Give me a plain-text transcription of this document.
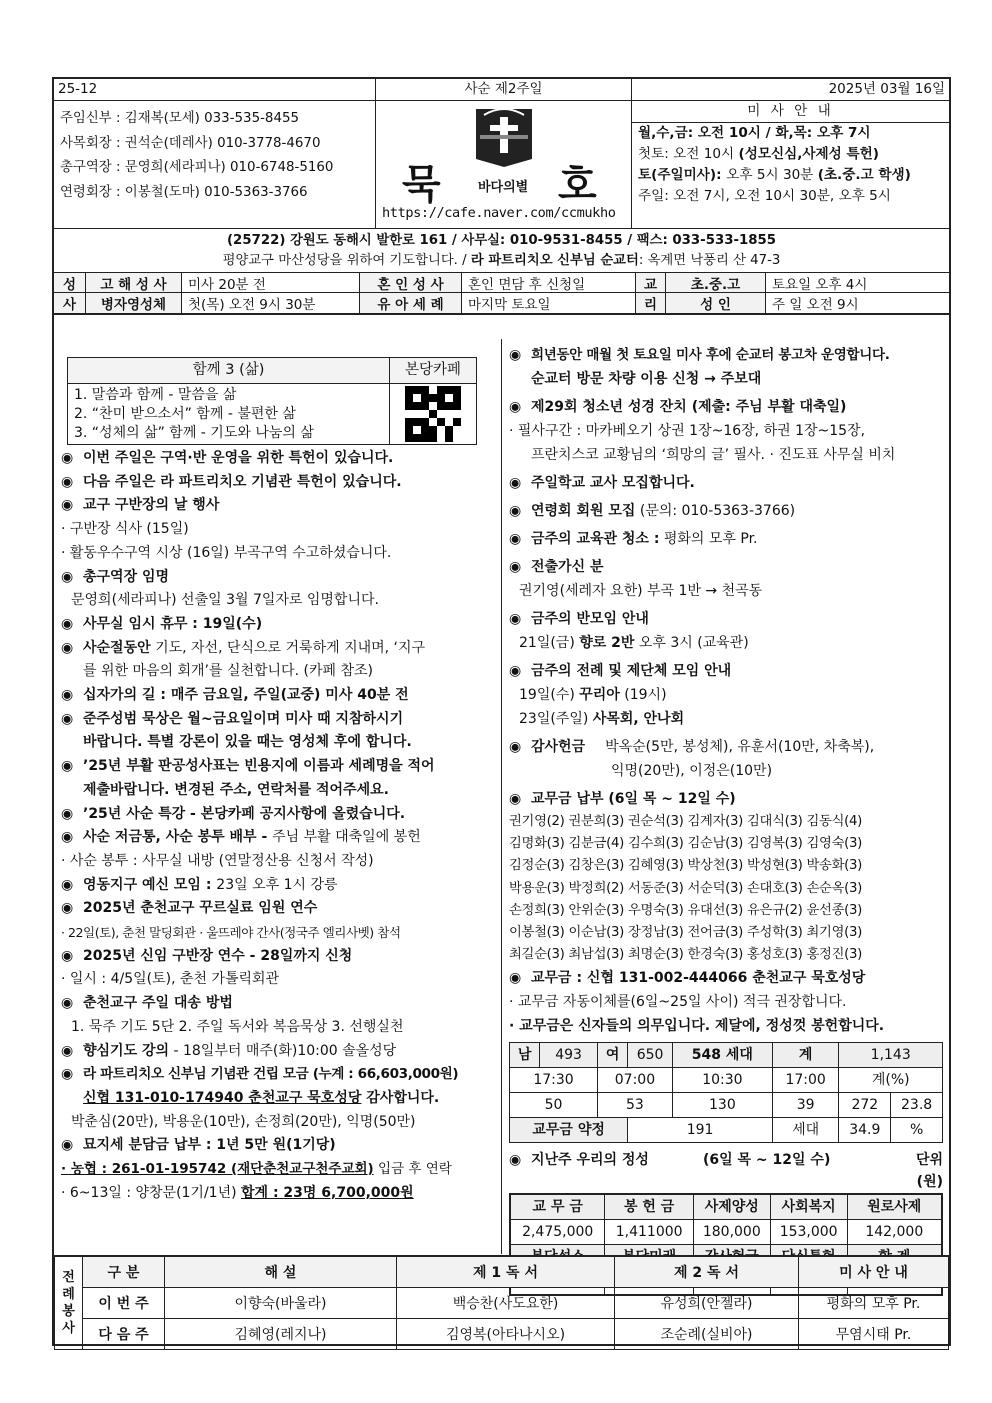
25-12	사순 제2주일	2025년 03월 16일
주임신부 : 김재복(모세) 033-535-8455
사목회장 : 권석순(데레사) 010-3778-4670
총구역장 : 문영희(세라피나) 010-6748-5160
연령회장 : 이봉철(도마) 010-5363-3766	묵	바다의별 호
https://cafe.naver.com/ccmukho
미 사 안 내
월,수,금: 오전 10시 / 화,목: 오후 7시
첫토: 오전 10시 (성모신심,사제성 특헌)
토(주일미사): 오후 5시 30분 (초.중.고 학생)
주일: 오전 7시, 오전 10시 30분, 오후 5시
(25722) 강원도 동해시 발한로 161 / 사무실: 010-9531-8455 / 팩스: 033-533-1855
평양교구 마산성당을 위하여 기도합니다. / 라 파트리치오 신부님 순교터: 옥계면 낙풍리 산 47-3
성	고 해 성 사	미사 20분 전	혼 인 성 사	혼인 면담 후 신청일	교	초.중.고	토요일 오후 4시
사	병자영성체	첫(목) 오전 9시 30분	유 아 세 례	마지막 토요일	리	성 인	주 일 오전 9시
함께 3 (삶)	본당카페
1. 말씀과 함께 - 말씀을 삶
2. “찬미 받으소서” 함께 - 불편한 삶
3. “성체의 삶” 함께 - 기도와 나눔의 삶
◉ 이번 주일은 구역·반 운영을 위한 특헌이 있습니다.
◉ 다음 주일은 라 파트리치오 기념관 특헌이 있습니다.
◉ 교구 구반장의 날 행사
· 구반장 식사 (15일)
· 활동우수구역 시상 (16일) 부곡구역 수고하셨습니다.
◉ 총구역장 임명
문영희(세라피나) 선출일 3월 7일자로 임명합니다.
◉ 사무실 임시 휴무 : 19일(수)
◉ 사순절동안 기도, 자선, 단식으로 거룩하게 지내며, ‘지구
를 위한 마음의 회개’를 실천합니다. (카페 참조)
◉ 십자가의 길 : 매주 금요일, 주일(교중) 미사 40분 전
◉ 준주성범 묵상은 월~금요일이며 미사 때 지참하시기
바랍니다. 특별 강론이 있을 때는 영성체 후에 합니다.
◉ ’25년 부활 판공성사표는 빈용지에 이름과 세례명을 적어
제출바랍니다. 변경된 주소, 연락처를 적어주세요.
◉ ’25년 사순 특강 - 본당카페 공지사항에 올렸습니다.
◉ 사순 저금통, 사순 봉투 배부 - 주님 부활 대축일에 봉헌
· 사순 봉투 : 사무실 내방 (연말정산용 신청서 작성)
◉ 영동지구 예신 모임 : 23일 오후 1시 강릉
◉ 2025년 춘천교구 꾸르실료 임원 연수
· 22일(토), 춘천 말딩회관 · 울뜨레야 간사(정국주 엘리사벳) 참석
◉ 2025년 신임 구반장 연수 - 28일까지 신청
· 일시 : 4/5일(토), 춘천 가톨릭회관
◉ 춘천교구 주일 대송 방법
1. 묵주 기도 5단 2. 주일 독서와 복음묵상 3. 선행실천
◉ 향심기도 강의 - 18일부터 매주(화)10:00 솔올성당
◉ 라 파트리치오 신부님 기념관 건립 모금 (누계 : 66,603,000원)
신협 131-010-174940 춘천교구 묵호성당 감사합니다.
박춘심(20만), 박용운(10만), 손정희(20만), 익명(50만)
◉ 묘지세 분담금 납부 : 1년 5만 원(1기당)
· 농협 : 261-01-195742 (재단춘천교구천주교회) 입금 후 연락
· 6~13일 : 양창문(1기/1년) 합계 : 23명 6,700,000원
◉ 희년동안 매월 첫 토요일 미사 후에 순교터 봉고차 운영합니다.
순교터 방문 차량 이용 신청 → 주보대
◉ 제29회 청소년 성경 잔치 (제출: 주님 부활 대축일)
· 필사구간 : 마카베오기 상권 1장~16장, 하권 1장~15장,
프란치스코 교황님의 ‘희망의 글’ 필사. · 진도표 사무실 비치
◉ 주일학교 교사 모집합니다.
◉ 연령회 회원 모집 (문의: 010-5363-3766)
◉ 금주의 교육관 청소 : 평화의 모후 Pr.
◉ 전출가신 분
권기영(세레자 요한) 부곡 1반 → 천곡동
◉ 금주의 반모임 안내
21일(금) 향로 2반 오후 3시 (교육관)
◉ 금주의 전례 및 제단체 모임 안내
19일(수) 꾸리아 (19시)
23일(주일) 사목회, 안나회
◉ 감사헌금	박옥순(5만, 봉성체), 유훈서(10만, 차축복),
익명(20만), 이정은(10만)
◉ 교무금 납부 (6일 목 ~ 12일 수)
권기영(2) 권분희(3) 권순석(3) 김계자(3) 김대식(3) 김동식(4)
김명화(3) 김분금(4) 김수희(3) 김순남(3) 김영복(3) 김영숙(3)
김정순(3) 김창은(3) 김혜영(3) 박상천(3) 박성현(3) 박송화(3)
박용운(3) 박정희(2) 서동준(3) 서순덕(3) 손대호(3) 손순옥(3)
손정희(3) 안위순(3) 우명숙(3) 유대선(3) 유은규(2) 윤선종(3)
이봉철(3) 이순남(3) 장정남(3) 전어금(3) 주성학(3) 최기영(3)
최길순(3) 최남섭(3) 최명순(3) 한경숙(3) 홍성호(3) 홍정진(3)
◉ 교무금 : 신협 131-002-444066 춘천교구 묵호성당
· 교무금 자동이체를(6일~25일 사이) 적극 권장합니다.
· 교무금은 신자들의 의무입니다. 제달에, 정성껏 봉헌합니다.
남	493	여	650	548 세대	계	1,143	
17:30		07:00		10:30	17:00	계(%)	
50		53		130	39	272	23.8
교무금 약정			191		세대	34.9	%
◉ 지난주 우리의 정성	(6일 목 ~ 12일 수)	단위 (원)
교 무 금	봉 헌 금	사제양성	사회복지	원로사제
2,475,000	1,411000	180,000	153,000	142,000

전
례
봉
사	구 분	해 설	제 1 독 서	제 2 독 서	미 사 안 내
	이 번 주	이향숙(바울라)	백승찬(사도요한)	유성희(안젤라)	평화의 모후 Pr.
	다 음 주	김혜영(레지나)	김영복(아타나시오)	조순례(실비아)	무염시태 Pr.
